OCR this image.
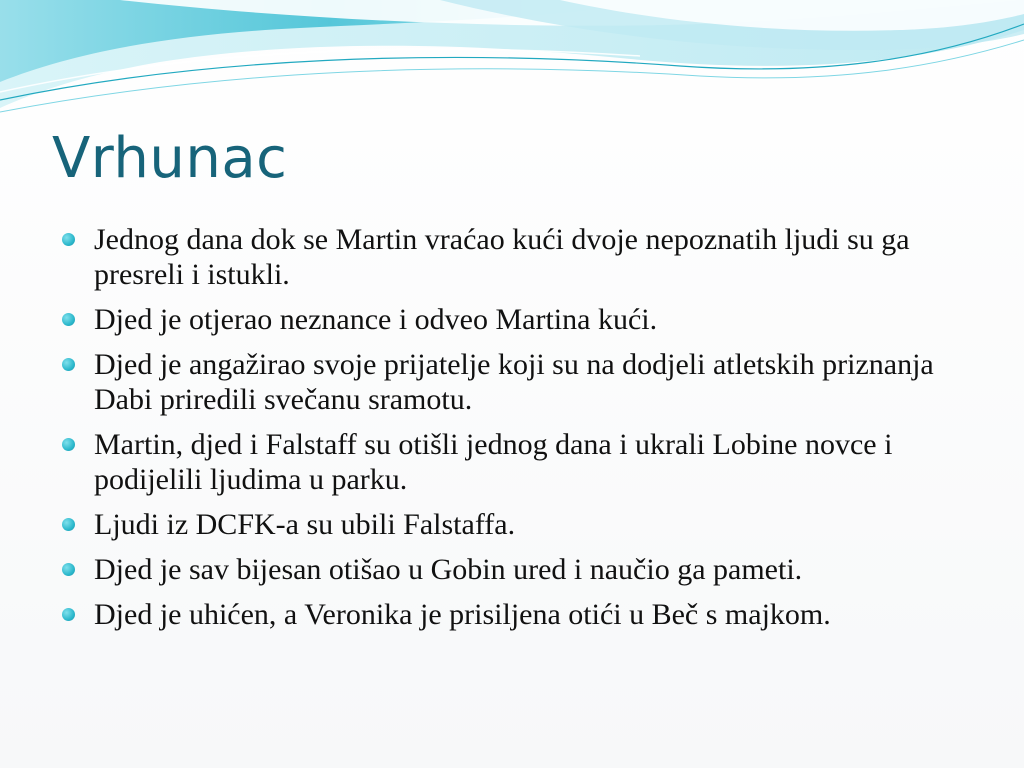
Vrhunac
Jednog dana dok se Martin vraćao kući dvoje nepoznatih ljudi su ga presreli i istukli.
Djed je otjerao neznance i odveo Martina kući.
Djed je angažirao svoje prijatelje koji su na dodjeli atletskih priznanja Dabi priredili svečanu sramotu.
Martin, djed i Falstaff su otišli jednog dana i ukrali Lobine novce i podijelili ljudima u parku.
Ljudi iz DCFK-a su ubili Falstaffa.
Djed je sav bijesan otišao u Gobin ured i naučio ga pameti.
Djed je uhićen, a Veronika je prisiljena otići u Beč s majkom.
